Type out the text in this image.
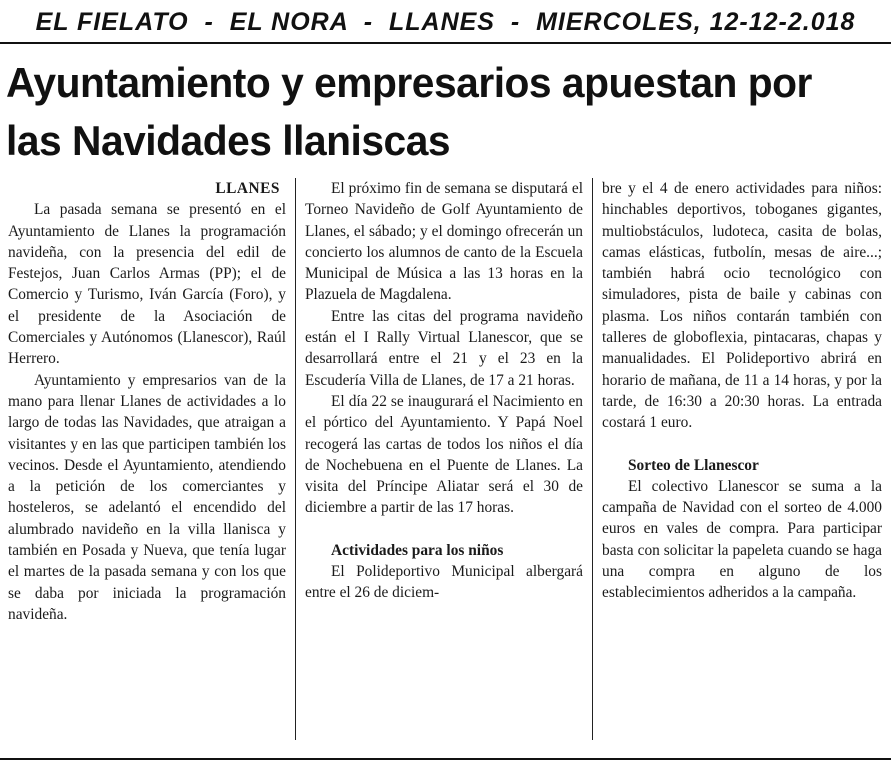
EL FIELATO  -  EL NORA  -  LLANES  -  MIERCOLES, 12-12-2.018
Ayuntamiento y empresarios apuestan por las Navidades llaniscas

LLANES

La pasada semana se presentó en el Ayuntamiento de Llanes la programación navideña, con la presencia del edil de Festejos, Juan Carlos Armas (PP); el de Comercio y Turismo, Iván García (Foro), y el presidente de la Asociación de Comerciales y Autónomos (Llanescor), Raúl Herrero.

Ayuntamiento y empresarios van de la mano para llenar Llanes de actividades a lo largo de todas las Navidades, que atraigan a visitantes y en las que participen también los vecinos. Desde el Ayuntamiento, atendiendo a la petición de los comerciantes y hosteleros, se adelantó el encendido del alumbrado navideño en la villa llanisca y también en Posada y Nueva, que tenía lugar el martes de la pasada semana y con los que se daba por iniciada la programación navideña.

El próximo fin de semana se disputará el Torneo Navideño de Golf Ayuntamiento de Llanes, el sábado; y el domingo ofrecerán un concierto los alumnos de canto de la Escuela Municipal de Música a las 13 horas en la Plazuela de Magdalena.

Entre las citas del programa navideño están el I Rally Virtual Llanescor, que se desarrollará entre el 21 y el 23 en la Escudería Villa de Llanes, de 17 a 21 horas.

El día 22 se inaugurará el Nacimiento en el pórtico del Ayuntamiento. Y Papá Noel recogerá las cartas de todos los niños el día de Nochebuena en el Puente de Llanes. La visita del Príncipe Aliatar será el 30 de diciembre a partir de las 17 horas.

Actividades para los niños

El Polideportivo Municipal albergará entre el 26 de diciem-

bre y el 4 de enero actividades para niños: hinchables deportivos, toboganes gigantes, multiobstáculos, ludoteca, casita de bolas, camas elásticas, futbolín, mesas de aire...; también habrá ocio tecnológico con simuladores, pista de baile y cabinas con plasma. Los niños contarán también con talleres de globoflexia, pintacaras, chapas y manualidades. El Polideportivo abrirá en horario de mañana, de 11 a 14 horas, y por la tarde, de 16:30 a 20:30 horas. La entrada costará 1 euro.

Sorteo de Llanescor

El colectivo Llanescor se suma a la campaña de Navidad con el sorteo de 4.000 euros en vales de compra. Para participar basta con solicitar la papeleta cuando se haga una compra en alguno de los establecimientos adheridos a la campaña.
